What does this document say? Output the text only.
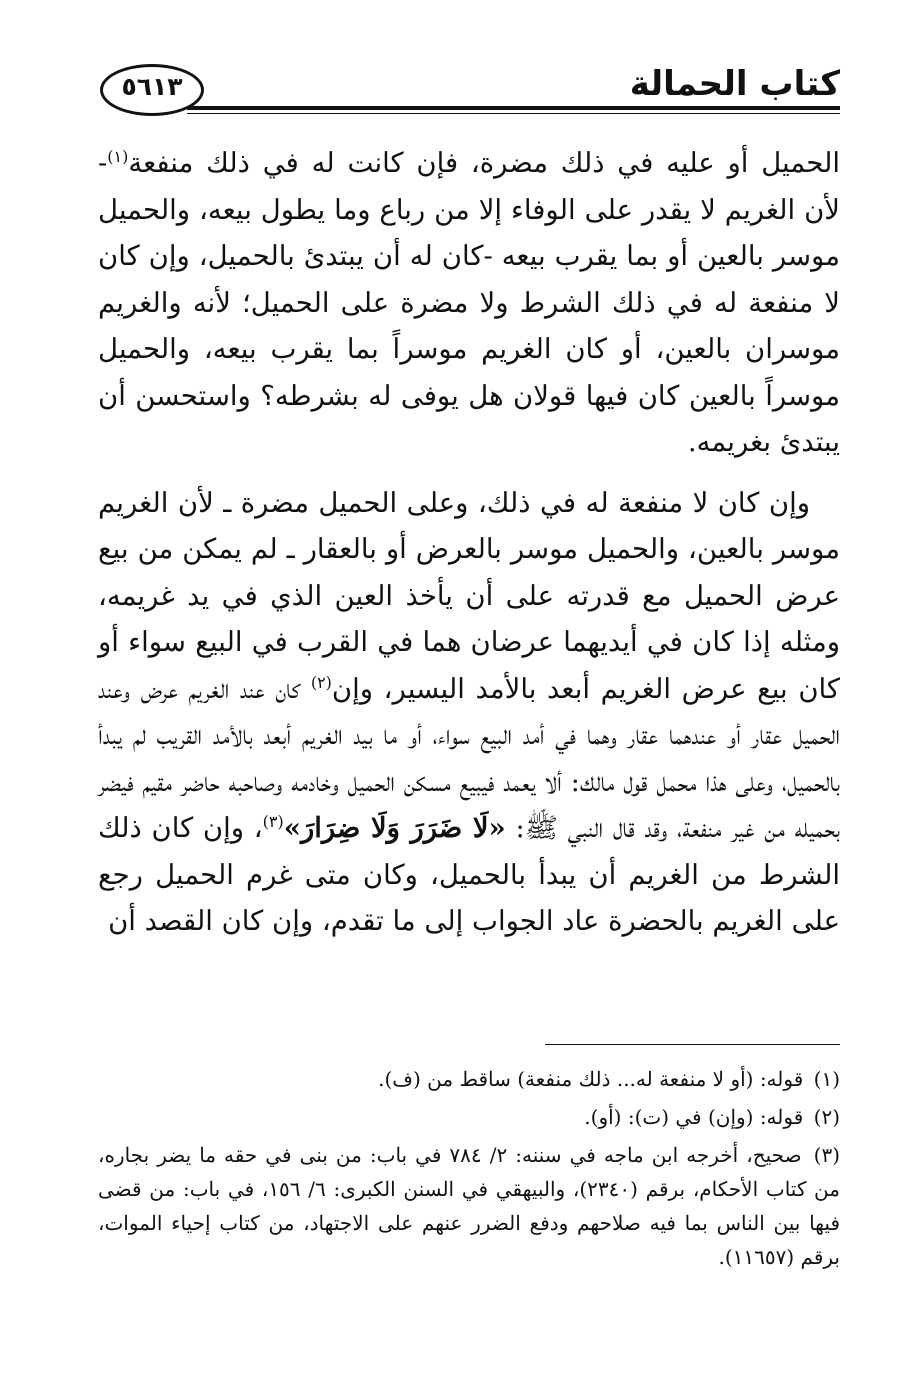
٥٦١٣	كتاب الحمالة

الحميل أو عليه في ذلك مضرة، فإن كانت له في ذلك منفعة$^{(١)}$- لأن الغريم لا يقدر على الوفاء إلا من رباع وما يطول بيعه، والحميل موسر بالعين أو بما يقرب بيعه -كان له أن يبتدئ بالحميل، وإن كان لا منفعة له في ذلك الشرط ولا مضرة على الحميل؛ لأنه والغريم موسران بالعين، أو كان الغريم موسراً بما يقرب بيعه، والحميل موسراً بالعين كان فيها قولان هل يوفى له بشرطه؟ واستحسن أن يبتدئ بغريمه.

وإن كان لا منفعة له في ذلك، وعلى الحميل مضرة ـ لأن الغريم موسر بالعين، والحميل موسر بالعرض أو بالعقار ـ لم يمكن من بيع عرض الحميل مع قدرته على أن يأخذ العين الذي في يد غريمه، ومثله إذا كان في أيديهما عرضان هما في القرب في البيع سواء أو كان بيع عرض الغريم أبعد بالأمد اليسير، وإن$^{(٢)}$ كان عند الغريم عرض وعند الحميل عقار أو عندهما عقار وهما في أمد البيع سواء، أو ما بيد الغريم أبعد بالأمد القريب لم يبدأ بالحميل، وعلى هذا محمل قول مالك: ألا يعمد فيبيع مسكن الحميل وخادمه وصاحبه حاضر مقيم فيضر بحميله من غير منفعة، وقد قال النبي ﷺ: «لَا ضَرَرَ وَلَا ضِرَارَ»$^{(٣)}$، وإن كان ذلك الشرط من الغريم أن يبدأ بالحميل، وكان متى غرم الحميل رجع على الغريم بالحضرة عاد الجواب إلى ما تقدم، وإن كان القصد أن

(١) قوله: (أو لا منفعة له... ذلك منفعة) ساقط من (ف).

(٢) قوله: (وإن) في (ت): (أو).

(٣) صحيح، أخرجه ابن ماجه في سننه: ٢/ ٧٨٤ في باب: من بنى في حقه ما يضر بجاره، من كتاب الأحكام، برقم (٢٣٤٠)، والبيهقي في السنن الكبرى: ٦/ ١٥٦، في باب: من قضى فيها بين الناس بما فيه صلاحهم ودفع الضرر عنهم على الاجتهاد، من كتاب إحياء الموات، برقم (١١٦٥٧).
